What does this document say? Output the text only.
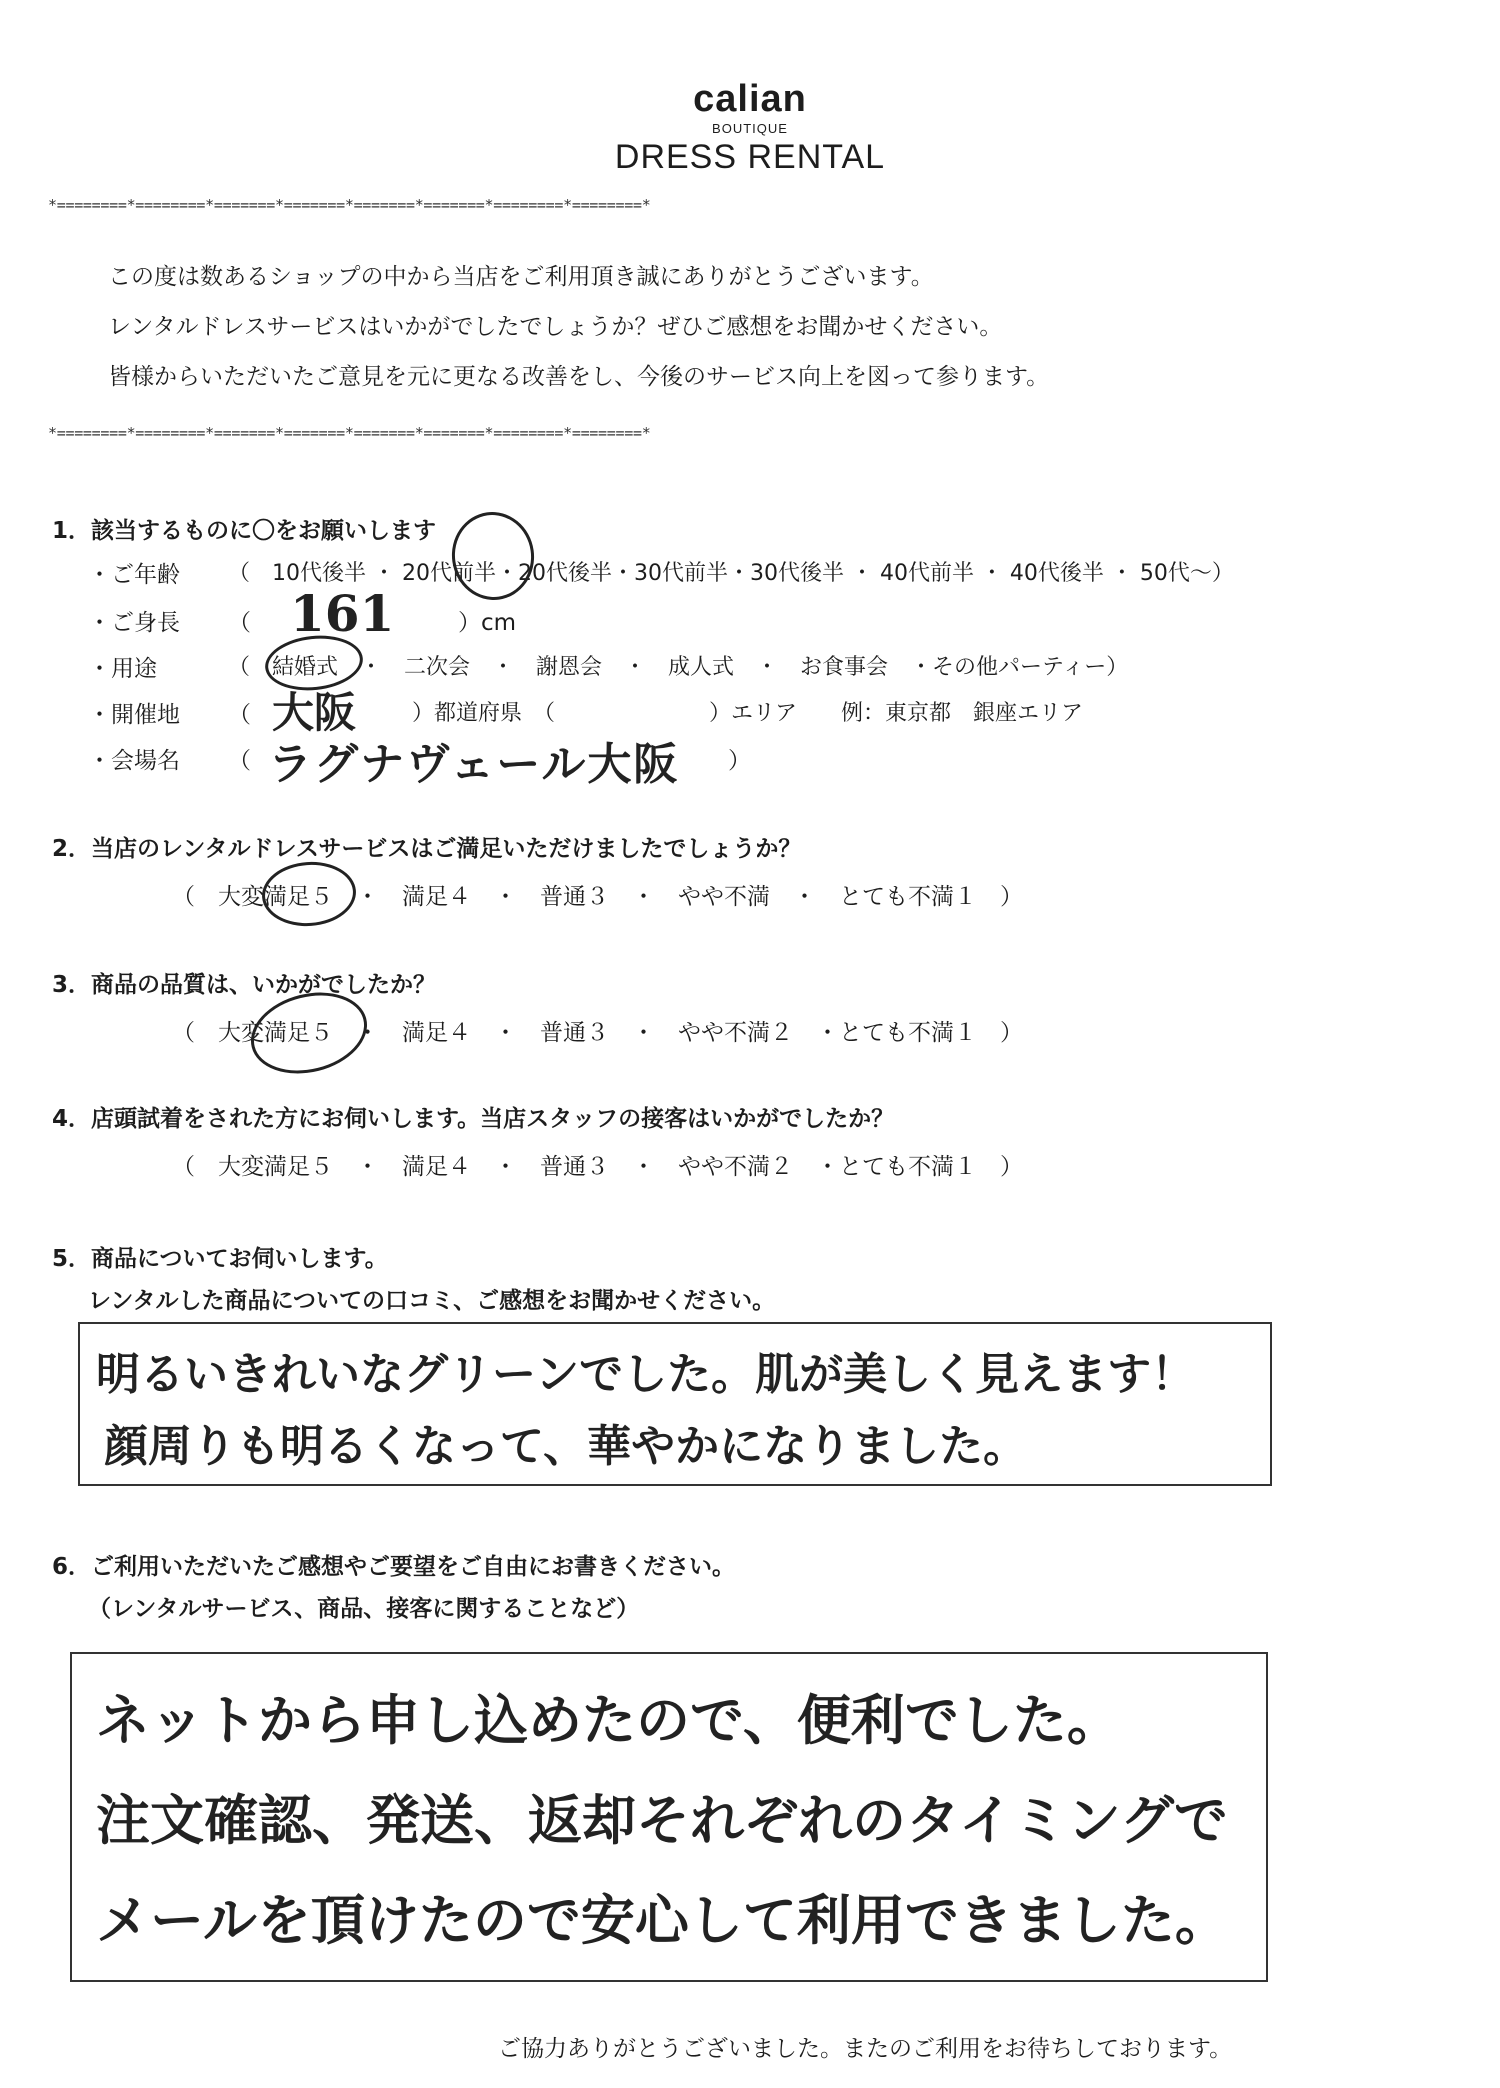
calian
BOUTIQUE
DRESS RENTAL
*========*========*=======*=======*=======*=======*========*========*
この度は数あるショップの中から当店をご利用頂き誠にありがとうございます。
レンタルドレスサービスはいかがでしたでしょうか？ぜひご感想をお聞かせください。
皆様からいただいたご意見を元に更なる改善をし、今後のサービス向上を図って参ります。
*========*========*=======*=======*=======*=======*========*========*
1．該当するものに〇をお願いします
・ご年齢 （　10代後半 ・ 20代前半・20代後半・30代前半・30代後半 ・ 40代前半 ・ 40代後半 ・ 50代～）
・ご身長 （ 161	）cm
・用途	（　結婚式　・　二次会　・　謝恩会　・　成人式　・　お食事会　・その他パーティー）
・開催地 （ 大阪	）都道府県　（　　　　　　　）エリア　　例：東京都　銀座エリア
・会場名 （ ラグナヴェール大阪 ）
2．当店のレンタルドレスサービスはご満足いただけましたでしょうか？
（　大変満足５　・　満足４　・　普通３　・　やや不満　・　とても不満１　）
3．商品の品質は、いかがでしたか？
（　大変満足５　・　満足４　・　普通３　・　やや不満２　・とても不満１　）
4．店頭試着をされた方にお伺いします。当店スタッフの接客はいかがでしたか？
（　大変満足５　・　満足４　・　普通３　・　やや不満２　・とても不満１　）
5．商品についてお伺いします。
レンタルした商品についての口コミ、ご感想をお聞かせください。
明るいきれいなグリーンでした。肌が美しく見えます！
顔周りも明るくなって、華やかになりました。
6．ご利用いただいたご感想やご要望をご自由にお書きください。
（レンタルサービス、商品、接客に関することなど）
ネットから申し込めたので、便利でした。
注文確認、発送、返却それぞれのタイミングで
メールを頂けたので安心して利用できました。
ご協力ありがとうございました。またのご利用をお待ちしております。
